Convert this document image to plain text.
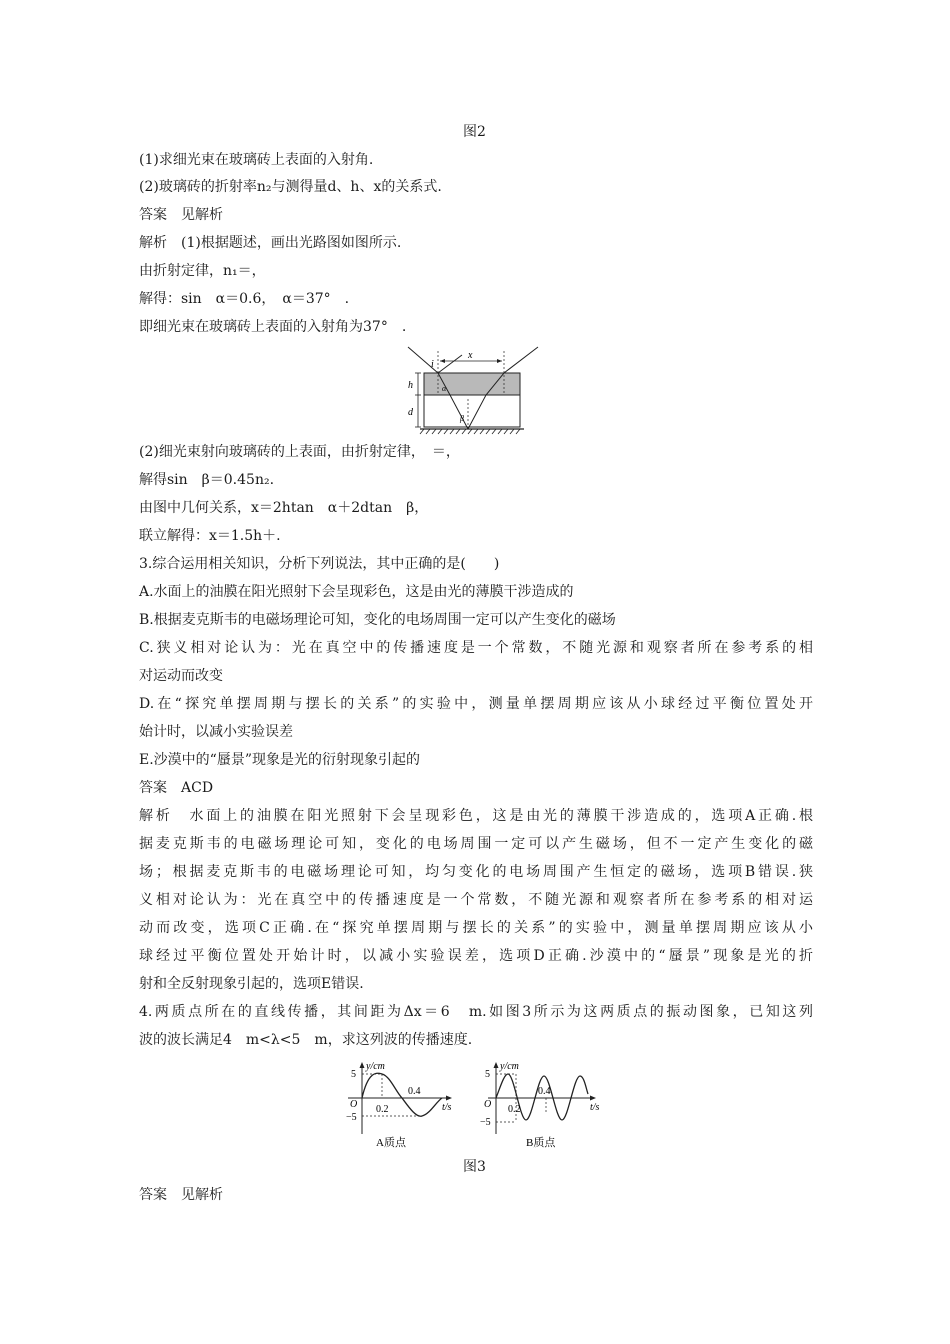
图2
(1)求细光束在玻璃砖上表面的入射角.
(2)玻璃砖的折射率n₂与测得量d、h、x的关系式.
答案　见解析
解析　(1)根据题述，画出光路图如图所示.
由折射定律，n₁＝，
解得：sin　α＝0.6，　α＝37°　.
即细光束在玻璃砖上表面的入射角为37°　.
i
x
h
d
α
β
(2)细光束射向玻璃砖的上表面，由折射定律，　＝，
解得sin　β＝0.45n₂.
由图中几何关系，x＝2htan　α＋2dtan　β，
联立解得：x＝1.5h＋.
3.综合运用相关知识，分析下列说法，其中正确的是(　　)
A.水面上的油膜在阳光照射下会呈现彩色，这是由光的薄膜干涉造成的
B.根据麦克斯韦的电磁场理论可知，变化的电场周围一定可以产生变化的磁场
C.狭义相对论认为：光在真空中的传播速度是一个常数，不随光源和观察者所在参考系的相
对运动而改变
D.在“探究单摆周期与摆长的关系”的实验中，测量单摆周期应该从小球经过平衡位置处开
始计时，以减小实验误差
E.沙漠中的“蜃景”现象是光的衍射现象引起的
答案　ACD
解析　水面上的油膜在阳光照射下会呈现彩色，这是由光的薄膜干涉造成的，选项A正确.根
据麦克斯韦的电磁场理论可知，变化的电场周围一定可以产生磁场，但不一定产生变化的磁
场；根据麦克斯韦的电磁场理论可知，均匀变化的电场周围产生恒定的磁场，选项B错误.狭
义相对论认为：光在真空中的传播速度是一个常数，不随光源和观察者所在参考系的相对运
动而改变，选项C正确.在“探究单摆周期与摆长的关系”的实验中，测量单摆周期应该从小
球经过平衡位置处开始计时，以减小实验误差，选项D正确.沙漠中的“蜃景”现象是光的折
射和全反射现象引起的，选项E错误.
4.两质点所在的直线传播，其间距为Δx＝6　m.如图3所示为这两质点的振动图象，已知这列
波的波长满足4　m<λ<5　m，求这列波的传播速度.
y/cm
t/s
O
5
−5
0.2
0.4
A质点
y/cm
t/s
O
5
−5
0.2
0.4
B质点
图3
答案　见解析
